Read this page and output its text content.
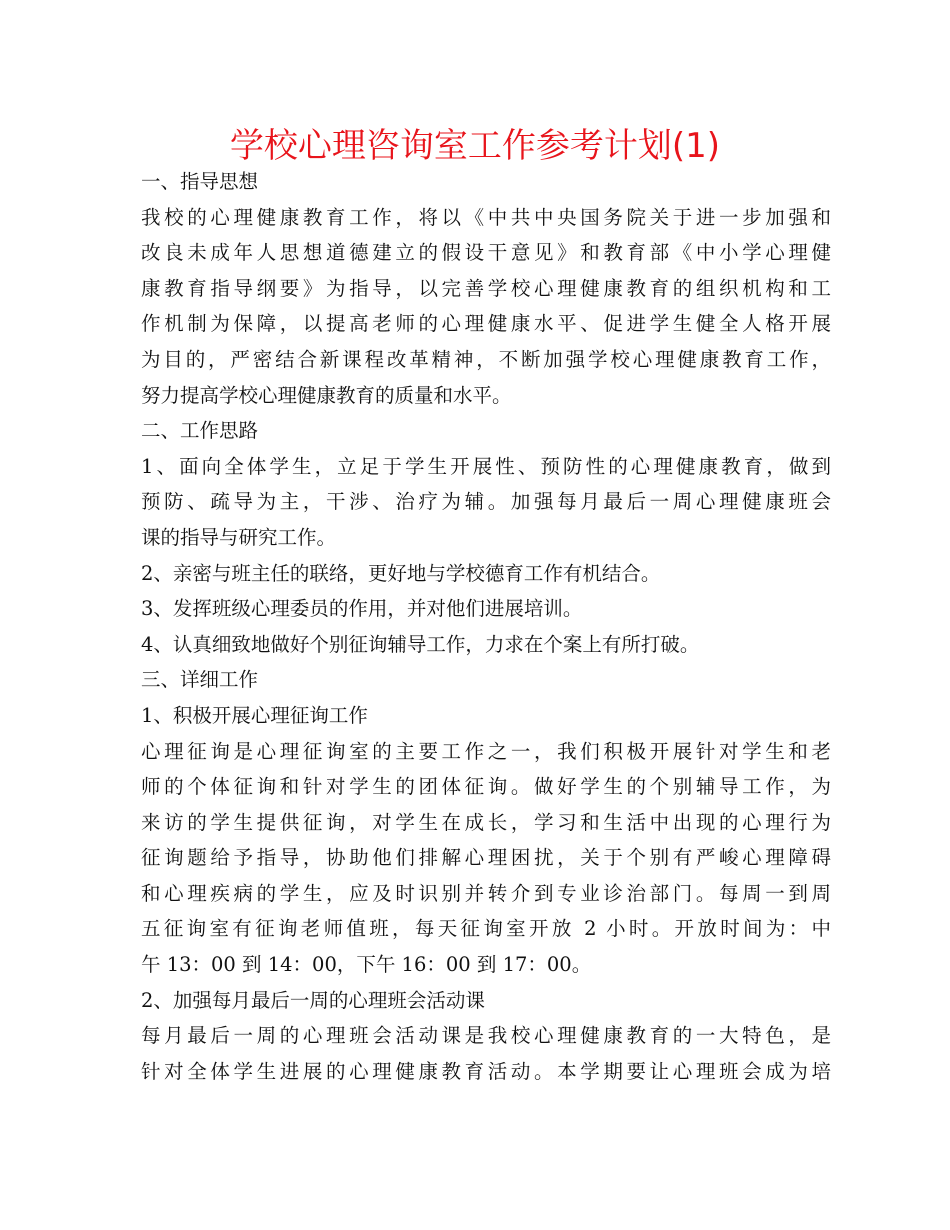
学校心理咨询室工作参考计划(1)
一、指导思想
我校的心理健康教育工作，将以《中共中央国务院关于进一步加强和
改良未成年人思想道德建立的假设干意见》和教育部《中小学心理健
康教育指导纲要》为指导，以完善学校心理健康教育的组织机构和工
作机制为保障，以提高老师的心理健康水平、促进学生健全人格开展
为目的，严密结合新课程改革精神，不断加强学校心理健康教育工作，
努力提高学校心理健康教育的质量和水平。
二、工作思路
1、面向全体学生，立足于学生开展性、预防性的心理健康教育，做到
预防、疏导为主，干涉、治疗为辅。加强每月最后一周心理健康班会
课的指导与研究工作。
2、亲密与班主任的联络，更好地与学校德育工作有机结合。
3、发挥班级心理委员的作用，并对他们进展培训。
4、认真细致地做好个别征询辅导工作，力求在个案上有所打破。
三、详细工作
1、积极开展心理征询工作
心理征询是心理征询室的主要工作之一，我们积极开展针对学生和老
师的个体征询和针对学生的团体征询。做好学生的个别辅导工作，为
来访的学生提供征询，对学生在成长，学习和生活中出现的心理行为
征询题给予指导，协助他们排解心理困扰，关于个别有严峻心理障碍
和心理疾病的学生，应及时识别并转介到专业诊治部门。每周一到周
五征询室有征询老师值班，每天征询室开放 2 小时。开放时间为：中
午 13：00 到 14：00，下午 16：00 到 17：00。
2、加强每月最后一周的心理班会活动课
每月最后一周的心理班会活动课是我校心理健康教育的一大特色，是
针对全体学生进展的心理健康教育活动。本学期要让心理班会成为培
